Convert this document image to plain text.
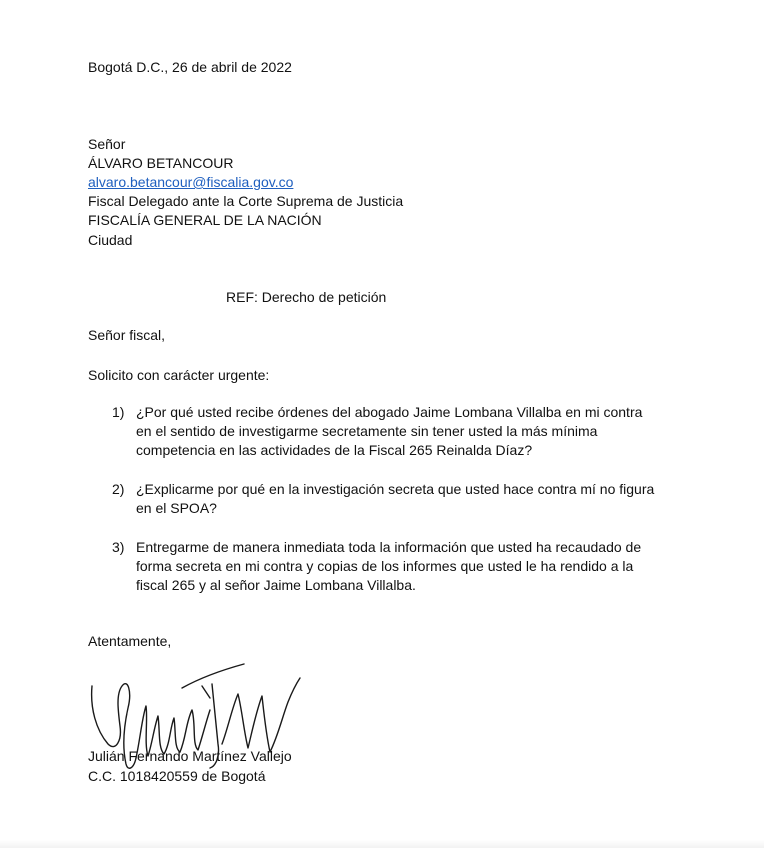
Bogotá D.C., 26 de abril de 2022
Señor
ÁLVARO BETANCOUR
alvaro.betancour@fiscalia.gov.co
Fiscal Delegado ante la Corte Suprema de Justicia
FISCALÍA GENERAL DE LA NACIÓN
Ciudad
REF: Derecho de petición
Señor fiscal,
Solicito con carácter urgente:
1) ¿Por qué usted recibe órdenes del abogado Jaime Lombana Villalba en mi contra
en el sentido de investigarme secretamente sin tener usted la más mínima
competencia en las actividades de la Fiscal 265 Reinalda Díaz?
2) ¿Explicarme por qué en la investigación secreta que usted hace contra mí no figura
en el SPOA?
3) Entregarme de manera inmediata toda la información que usted ha recaudado de
forma secreta en mi contra y copias de los informes que usted le ha rendido a la
fiscal 265 y al señor Jaime Lombana Villalba.
Atentamente,
Julián Fernando Martínez Vallejo
C.C. 1018420559 de Bogotá
